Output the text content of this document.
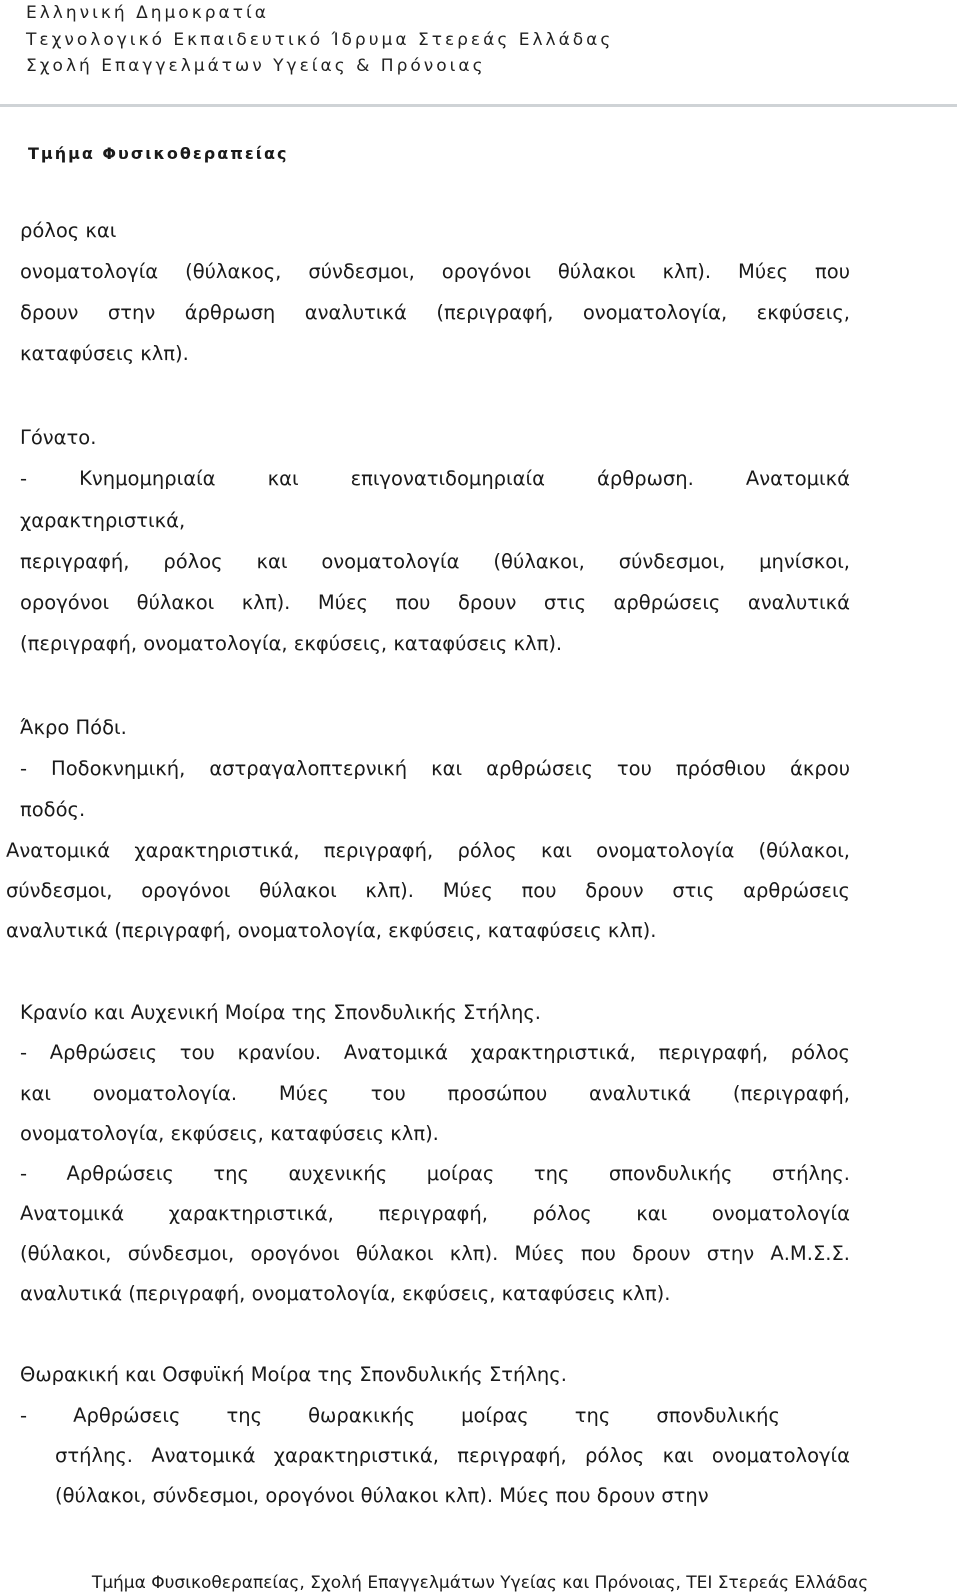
Ελληνική Δημοκρατία
Τεχνολογικό Εκπαιδευτικό Ίδρυμα Στερεάς Ελλάδας
Σχολή Επαγγελμάτων Υγείας & Πρόνοιας
Τμήμα Φυσικοθεραπείας
ρόλος και
ονοματολογία (θύλακος, σύνδεσμοι, ορογόνοι θύλακοι κλπ). Μύες που
δρουν στην άρθρωση αναλυτικά (περιγραφή, ονοματολογία, εκφύσεις,
καταφύσεις κλπ).
Γόνατο.
- Κνημομηριαία και επιγονατιδομηριαία άρθρωση. Ανατομικά
χαρακτηριστικά,
περιγραφή, ρόλος και ονοματολογία (θύλακοι, σύνδεσμοι, μηνίσκοι,
ορογόνοι θύλακοι κλπ). Μύες που δρουν στις αρθρώσεις αναλυτικά
(περιγραφή, ονοματολογία, εκφύσεις, καταφύσεις κλπ).
Άκρο Πόδι.
- Ποδοκνημική, αστραγαλοπτερνική και αρθρώσεις του πρόσθιου άκρου
ποδός.
Ανατομικά χαρακτηριστικά, περιγραφή, ρόλος και ονοματολογία (θύλακοι,
σύνδεσμοι, ορογόνοι θύλακοι κλπ). Μύες που δρουν στις αρθρώσεις
αναλυτικά (περιγραφή, ονοματολογία, εκφύσεις, καταφύσεις κλπ).
Κρανίο και Αυχενική Μοίρα της Σπονδυλικής Στήλης.
- Αρθρώσεις του κρανίου. Ανατομικά χαρακτηριστικά, περιγραφή, ρόλος
και ονοματολογία. Μύες του προσώπου αναλυτικά (περιγραφή,
ονοματολογία, εκφύσεις, καταφύσεις κλπ).
- Αρθρώσεις της αυχενικής μοίρας της σπονδυλικής στήλης.
Ανατομικά χαρακτηριστικά, περιγραφή, ρόλος και ονοματολογία
(θύλακοι, σύνδεσμοι, ορογόνοι θύλακοι κλπ). Μύες που δρουν στην Α.Μ.Σ.Σ.
αναλυτικά (περιγραφή, ονοματολογία, εκφύσεις, καταφύσεις κλπ).
Θωρακική και Οσφυϊκή Μοίρα της Σπονδυλικής Στήλης.
- Αρθρώσεις της θωρακικής μοίρας της σπονδυλικής
στήλης. Ανατομικά χαρακτηριστικά, περιγραφή, ρόλος και ονοματολογία
(θύλακοι, σύνδεσμοι, ορογόνοι θύλακοι κλπ). Μύες που δρουν στην
Τμήμα Φυσικοθεραπείας, Σχολή Επαγγελμάτων Υγείας και Πρόνοιας, ΤΕΙ Στερεάς Ελλάδας
